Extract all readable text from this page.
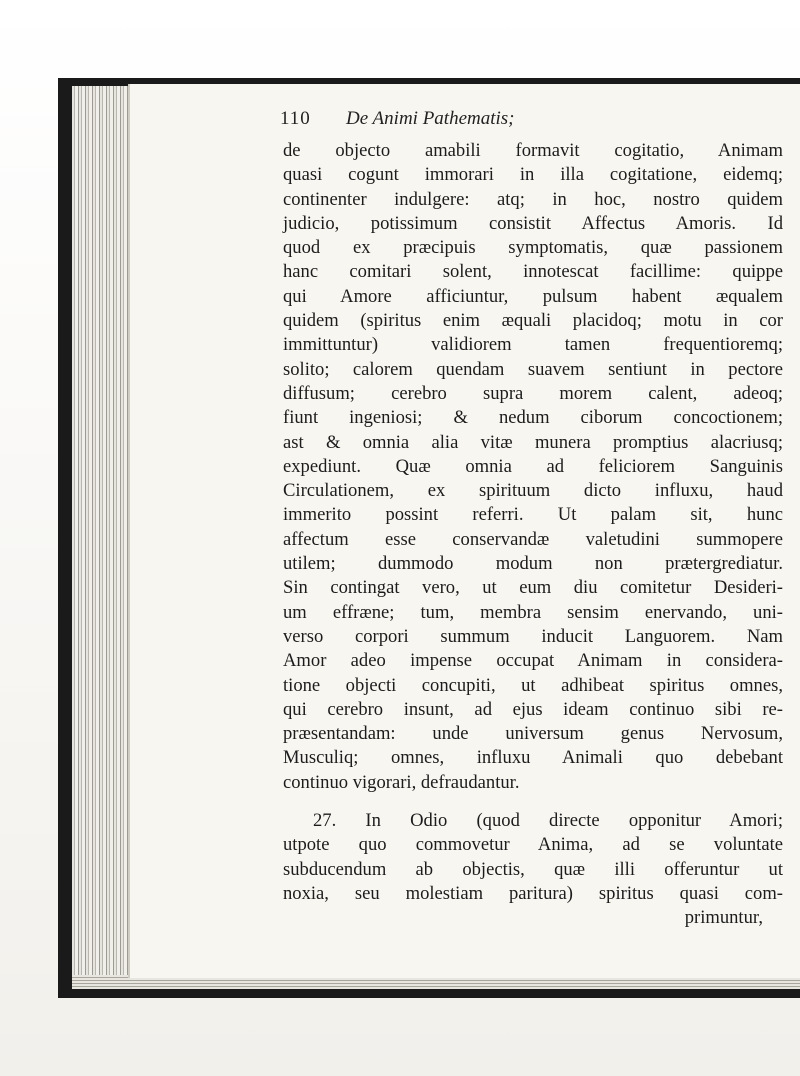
110 De Animi Pathematis;
de objecto amabili formavit cogitatio, Animam
quasi cogunt immorari in illa cogitatione, eidemq;
continenter indulgere: atq; in hoc, nostro quidem
judicio, potissimum consistit Affectus Amoris. Id
quod ex præcipuis symptomatis, quæ passionem
hanc comitari solent, innotescat facillime: quippe
qui Amore afficiuntur, pulsum habent æqualem
quidem (spiritus enim æquali placidoq; motu in cor
immittuntur) validiorem tamen frequentioremq;
solito; calorem quendam suavem sentiunt in pectore
diffusum; cerebro supra morem calent, adeoq;
fiunt ingeniosi; & nedum ciborum concoctionem;
ast & omnia alia vitæ munera promptius alacriusq;
expediunt. Quæ omnia ad feliciorem Sanguinis
Circulationem, ex spirituum dicto influxu, haud
immerito possint referri. Ut palam sit, hunc
affectum esse conservandæ valetudini summopere
utilem; dummodo modum non prætergrediatur.
Sin contingat vero, ut eum diu comitetur Desideri-
um effræne; tum, membra sensim enervando, uni-
verso corpori summum inducit Languorem. Nam
Amor adeo impense occupat Animam in considera-
tione objecti concupiti, ut adhibeat spiritus omnes,
qui cerebro insunt, ad ejus ideam continuo sibi re-
præsentandam: unde universum genus Nervosum,
Musculiq; omnes, influxu Animali quo debebant
continuo vigorari, defraudantur.
27. In Odio (quod directe opponitur Amori;
utpote quo commovetur Anima, ad se voluntate
subducendum ab objectis, quæ illi offeruntur ut
noxia, seu molestiam paritura) spiritus quasi com-
primuntur,
